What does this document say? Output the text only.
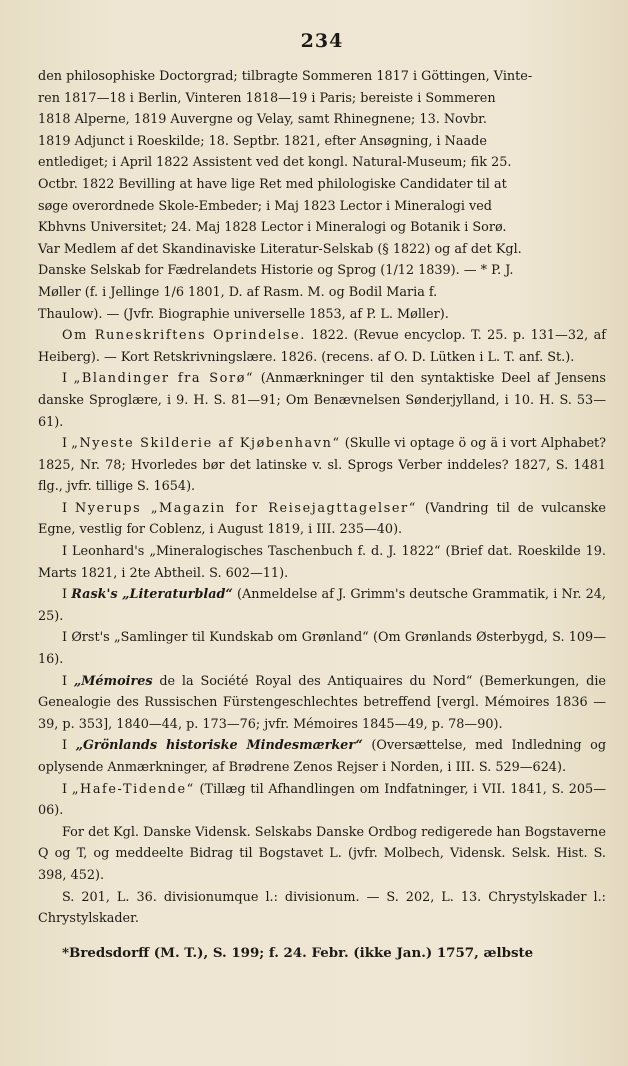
234
den philosophiske Doctorgrad; tilbragte Sommeren 1817 i Göttingen, Vinte-
ren 1817—18 i Berlin, Vinteren 1818—19 i Paris; bereiste i Sommeren
1818 Alperne, 1819 Auvergne og Velay, samt Rhinegnene; 13. Novbr.
1819 Adjunct i Roeskilde; 18. Septbr. 1821, efter Ansøgning, i Naade
entlediget; i April 1822 Assistent ved det kongl. Natural-Museum; fik 25.
Octbr. 1822 Bevilling at have lige Ret med philologiske Candidater til at
søge overordnede Skole-Embeder; i Maj 1823 Lector i Mineralogi ved
Kbhvns Universitet; 24. Maj 1828 Lector i Mineralogi og Botanik i Sorø.
Var Medlem af det Skandinaviske Literatur-Selskab (§ 1822) og af det Kgl.
Danske Selskab for Fædrelandets Historie og Sprog (1/12 1839). — * P. J.
Møller (f. i Jellinge 1/6 1801, D. af Rasm. M. og Bodil Maria f.
Thaulow). — (Jvfr. Biographie universelle 1853, af P. L. Møller).

Om Runeskriftens Oprindelse. 1822. (Revue encyclop. T. 25. p. 131—32, af Heiberg). — Kort Retskrivningslære. 1826. (recens. af O. D. Lütken i L. T. anf. St.).

I „Blandinger fra Sorø“ (Anmærkninger til den syntaktiske Deel af Jensens danske Sproglære, i 9. H. S. 81—91; Om Benævnelsen Sønderjylland, i 10. H. S. 53—61).

I „Nyeste Skilderie af Kjøbenhavn“ (Skulle vi optage ö og ä i vort Alphabet? 1825, Nr. 78; Hvorledes bør det latinske v. sl. Sprogs Verber inddeles? 1827, S. 1481 flg., jvfr. tillige S. 1654).

I Nyerups „Magazin for Reisejagttagelser“ (Vandring til de vulcanske Egne, vestlig for Coblenz, i August 1819, i III. 235—40).

I Leonhard's „Mineralogisches Taschenbuch f. d. J. 1822“ (Brief dat. Roeskilde 19. Marts 1821, i 2te Abtheil. S. 602—11).

I Rask's „Literaturblad“ (Anmeldelse af J. Grimm's deutsche Grammatik, i Nr. 24, 25).

I Ørst's „Samlinger til Kundskab om Grønland“ (Om Grønlands Østerbygd, S. 109—16).

I „Mémoires de la Société Royal des Antiquaires du Nord“ (Bemerkungen, die Genealogie des Russischen Fürstengeschlechtes betreffend [vergl. Mémoires 1836 —39, p. 353], 1840—44, p. 173—76; jvfr. Mémoires 1845—49, p. 78—90).

I „Grönlands historiske Mindesmærker“ (Oversættelse, med Indledning og oplysende Anmærkninger, af Brødrene Zenos Rejser i Norden, i III. S. 529—624).

I „Hafe-Tidende“ (Tillæg til Afhandlingen om Indfatninger, i VII. 1841, S. 205—06).

For det Kgl. Danske Vidensk. Selskabs Danske Ordbog redigerede han Bogstaverne Q og T, og meddeelte Bidrag til Bogstavet L. (jvfr. Molbech, Vidensk. Selsk. Hist. S. 398, 452).

S. 201, L. 36. divisionumque l.: divisionum. — S. 202, L. 13. Chrystylskader l.: Chrystylskader.

*Bredsdorff (M. T.), S. 199; f. 24. Febr. (ikke Jan.) 1757, ælbste
